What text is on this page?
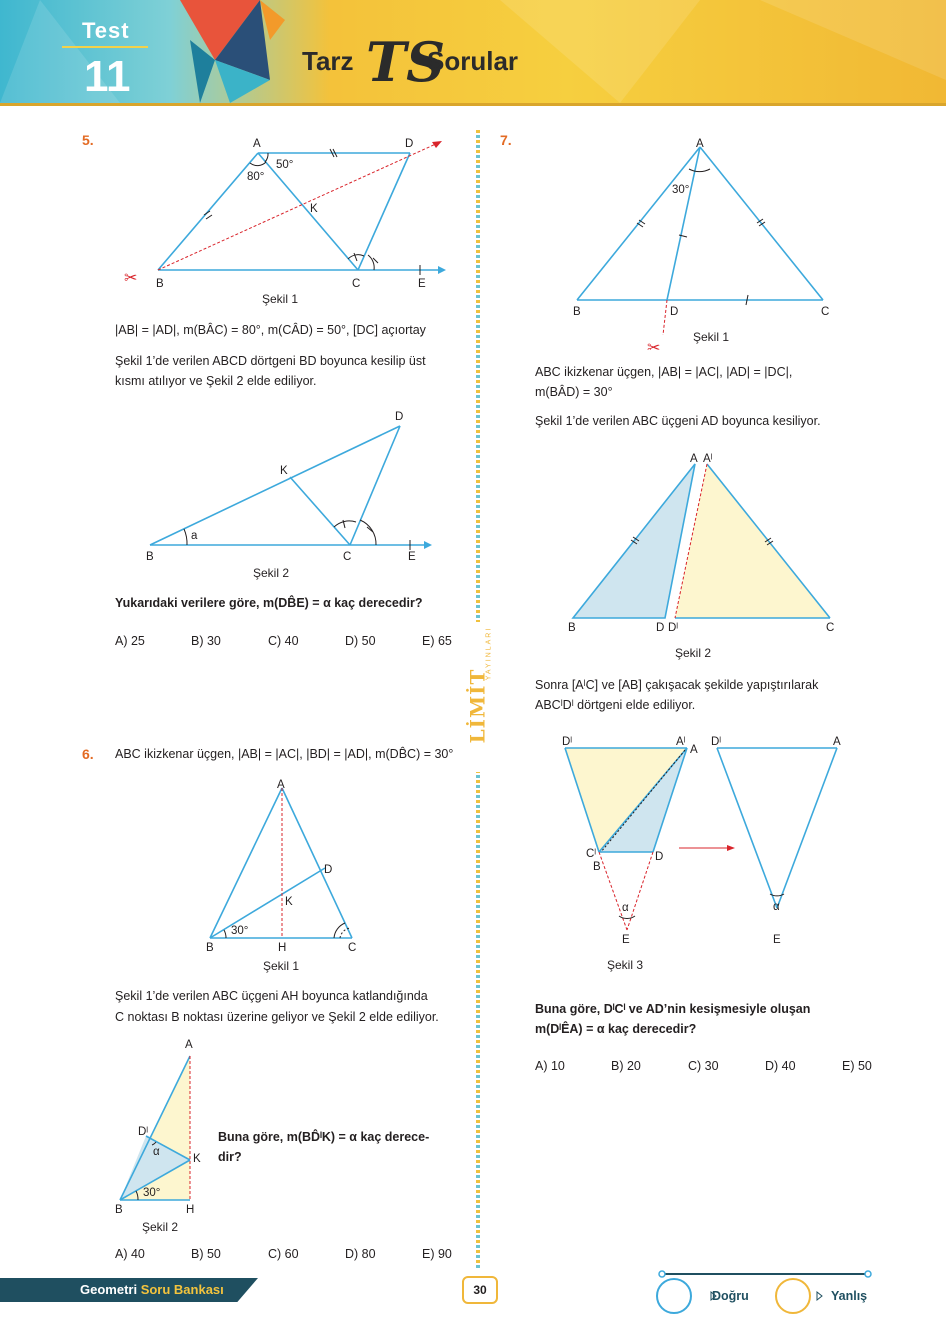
Test
11	Tarz TS
Sorular
LİMİT
YAYINLARI
5.
✂
A	D
80°
50°
K
B	C	E
Şekil 1
|AB| = |AD|, m(BÂC) = 80°, m(CÂD) = 50°, [DC] açıortay
Şekil 1’de verilen ABCD dörtgeni BD boyunca kesilip üst
kısmı atılıyor ve Şekil 2 elde ediliyor.
D
K
a
B	C	E
Şekil 2
Yukarıdaki verilere göre, m(DB̂E) = α kaç derecedir?
A) 25	B) 30	C) 40	D) 50	E) 65
6. ABC ikizkenar üçgen, |AB| = |AC|, |BD| = |AD|, m(DB̂C) = 30°
A
D
K
30°
B	H	C
Şekil 1
Şekil 1’de verilen ABC üçgeni AH boyunca katlandığında
C noktası B noktası üzerine geliyor ve Şekil 2 elde ediliyor.
A
Dˡ
α
K
30°
B	H
Şekil 2
Buna göre, m(BD̂ˡK) = α kaç derece-
dir?
A) 40	B) 50	C) 60	D) 80	E) 90
7.
✂
A
30°
B	D	C
Şekil 1
ABC ikizkenar üçgen, |AB| = |AC|, |AD| = |DC|,
m(BÂD) = 30°
Şekil 1’de verilen ABC üçgeni AD boyunca kesiliyor.
A Aˡ
B	D Dˡ	C
Şekil 2
Sonra [AˡC] ve [AB] çakışacak şekilde yapıştırılarak
ABCˡDˡ dörtgeni elde ediliyor.
Dˡ	Aˡ
A
Cˡ
B
D
α
E
Dˡ	A
α
E
Şekil 3
Buna göre, DˡCˡ ve AD’nin kesişmesiyle oluşan
m(DˡÊA) = α kaç derecedir?
A) 10	B) 20	C) 30	D) 40	E) 50
Geometri Soru Bankası	30	Doğru	Yanlış
